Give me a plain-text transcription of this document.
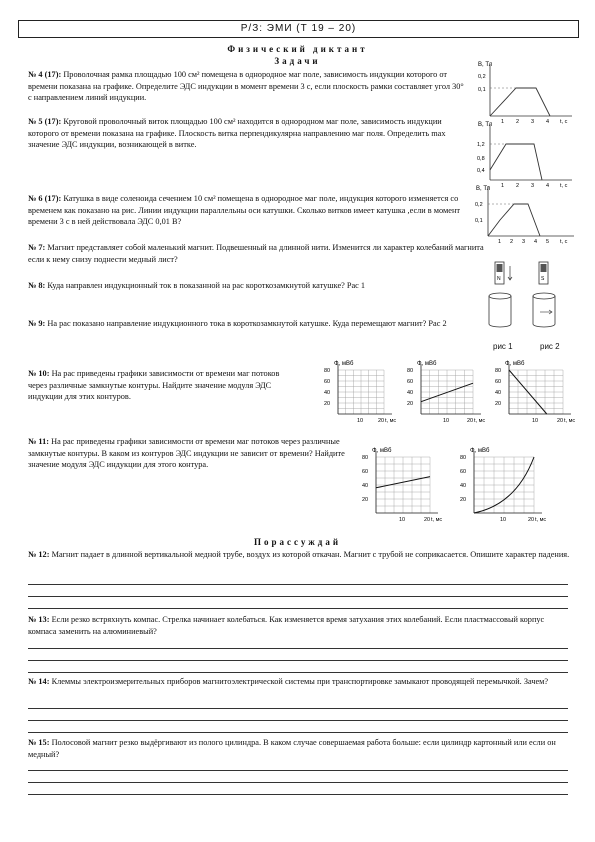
Р/З: ЭМИ (Т 19 – 20)
Физический диктант
Задачи
№ 4 (17): Проволочная рамка площадью 100 см² помещена в однородное маг поле, зависимость индукции которого от времени показана на графике. Определите ЭДС индукции в момент времени 3 с, если плоскость рамки составляет угол 30° с направлением линий индукции.
B, Тл
0,2
0,1
1 2 3 4 t, с
№ 5 (17): Круговой проволочный виток площадью 100 см² находится в однородном маг поле, зависимость индукции которого от времени показана на графике. Плоскость витка перпендикулярна направлению маг поля. Определить max значение ЭДС индукции, возникающей в витке.
B, Тл
1,2
0,8
0,4
1 2 3 4 t, с
№ 6 (17): Катушка в виде соленоида сечением 10 см² помещена в однородное маг поле, индукция которого изменяется со временем как показано на рис. Линии индукции параллельны оси катушки. Сколько витков имеет катушка ,если в момент времени 3 с в ней действовала ЭДС 0,01 В?
B, Тл
0,2
0,1
1 2 3 4 5 t, с
№ 7: Магнит представляет собой маленький магнит. Подвешенный на длинной нити. Изменится ли характер колебаний магнита если к нему снизу поднести медный лист?
№ 8: Куда направлен индукционный ток в показанной на рас короткозамкнутой катушке? Рас 1
№ 9: На рас показано направление индукционного тока в короткозамкнутой катушке. Куда перемещают магнит? Рас 2
N	S
рис 1	рис 2
№ 10: На рас приведены графики зависимости от времени маг потоков через различные замкнутые контуры. Найдите значение модуля ЭДС индукции для этих контуров.
№ 11: На рас приведены графики зависимости от времени маг потоков через различные замкнутые контуры. В каком из контуров ЭДС индукции не зависит от времени? Найдите значение модуля ЭДС индукции для этого контура.
Ф, мВб
80
60
40
20
10	20 t, мс
Ф, мВб
80
60
40
20
10	20 t, мс
Ф, мВб
80
60
40
20
10	20 t, мс
Ф, мВб
80
60
40
20
10	20 t, мс
Ф, мВб
80
60
40
20
10	20 t, мс
Порассуждай
№ 12: Магнит падает в длинной вертикальной медной трубе, воздух из которой откачан. Магнит с трубой не соприкасается. Опишите характер падения.
№ 13: Если резко встряхнуть компас. Стрелка начинает колебаться. Как изменяется время затухания этих колебаний. Если пластмассовый корпус компаса заменить на алюминиевый?
№ 14: Клеммы электроизмерительных приборов магнитоэлектрической системы при транспортировке замыкают проводящей перемычкой. Зачем?
№ 15: Полосовой магнит резко выдёргивают из полого цилиндра. В каком случае совершаемая работа больше: если цилиндр картонный или если он медный?
